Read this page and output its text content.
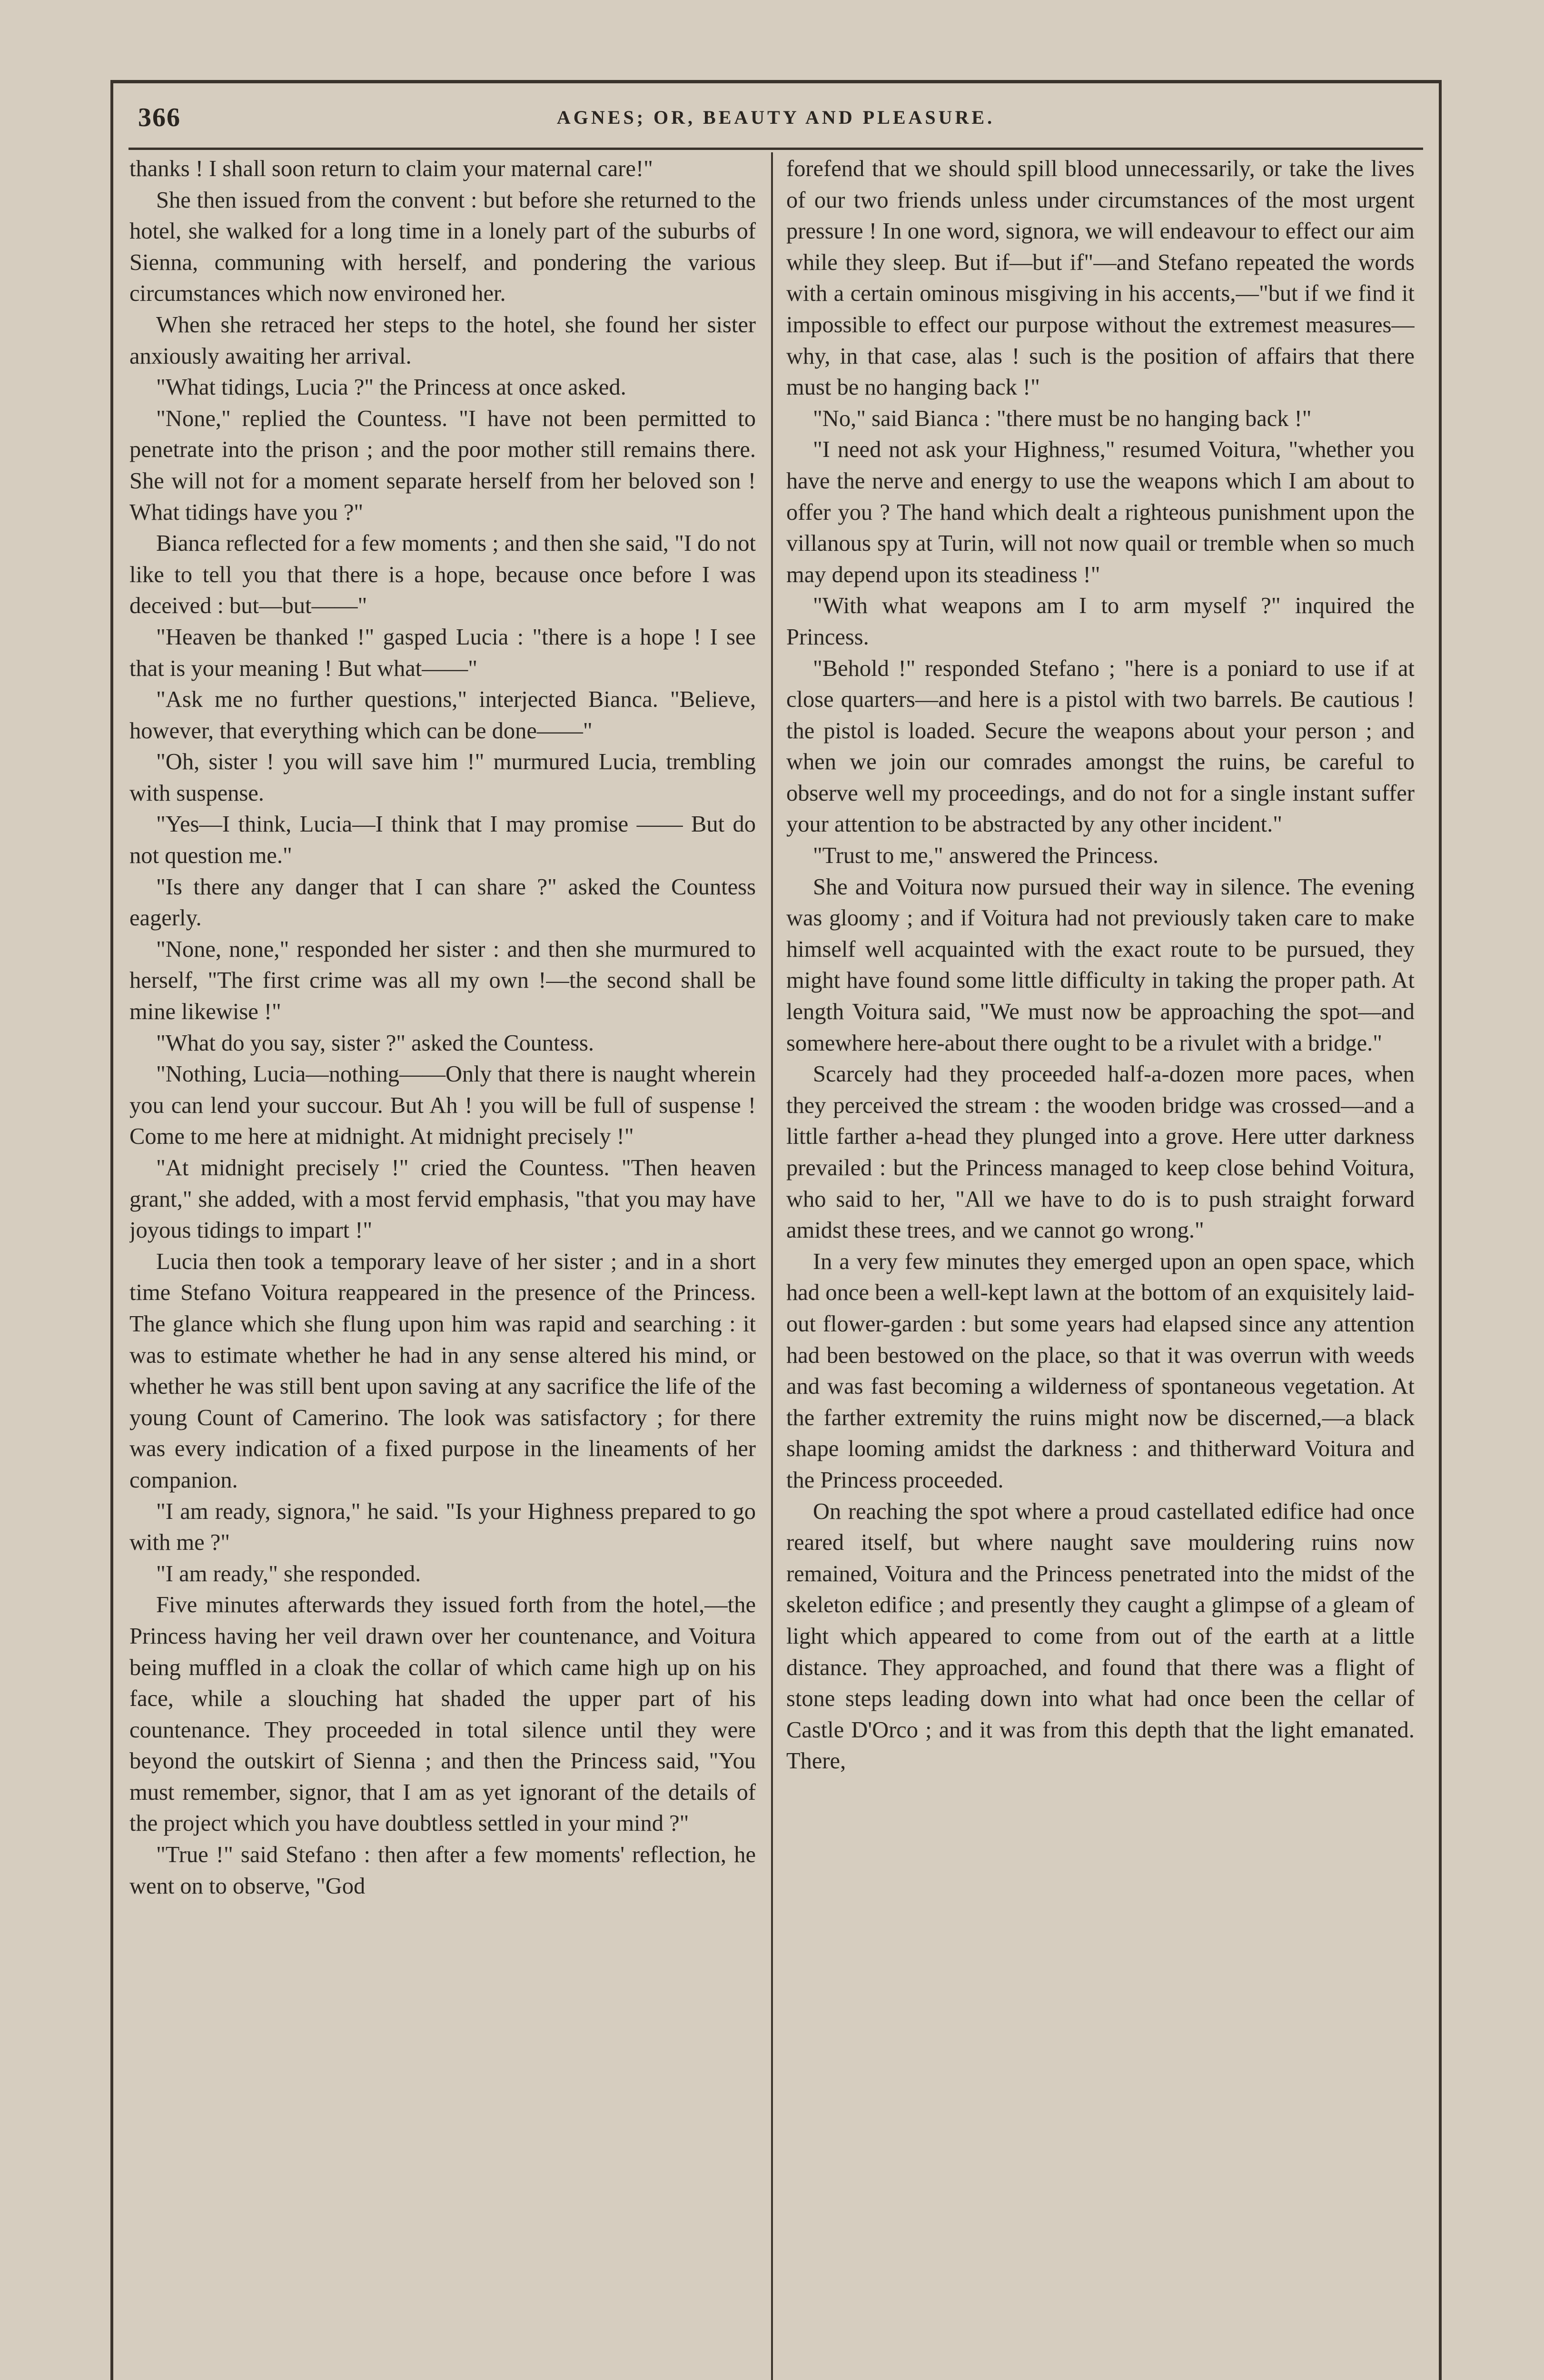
366	AGNES; OR, BEAUTY AND PLEASURE.

thanks ! I shall soon return to claim your maternal care!"

She then issued from the convent : but before she returned to the hotel, she walked for a long time in a lonely part of the suburbs of Sienna, communing with herself, and pondering the various circumstances which now environed her.

When she retraced her steps to the hotel, she found her sister anxiously awaiting her arrival.

"What tidings, Lucia ?" the Princess at once asked.

"None," replied the Countess. "I have not been permitted to penetrate into the prison ; and the poor mother still remains there. She will not for a moment separate herself from her beloved son ! What tidings have you ?"

Bianca reflected for a few moments ; and then she said, "I do not like to tell you that there is a hope, because once before I was deceived : but—but——"

"Heaven be thanked !" gasped Lucia : "there is a hope ! I see that is your meaning ! But what——"

"Ask me no further questions," interjected Bianca. "Believe, however, that everything which can be done——"

"Oh, sister ! you will save him !" murmured Lucia, trembling with suspense.

"Yes—I think, Lucia—I think that I may promise —— But do not question me."

"Is there any danger that I can share ?" asked the Countess eagerly.

"None, none," responded her sister : and then she murmured to herself, "The first crime was all my own !—the second shall be mine likewise !"

"What do you say, sister ?" asked the Countess.

"Nothing, Lucia—nothing——Only that there is naught wherein you can lend your succour. But Ah ! you will be full of suspense ! Come to me here at midnight. At midnight precisely !"

"At midnight precisely !" cried the Countess. "Then heaven grant," she added, with a most fervid emphasis, "that you may have joyous tidings to impart !"

Lucia then took a temporary leave of her sister ; and in a short time Stefano Voitura reappeared in the presence of the Princess. The glance which she flung upon him was rapid and searching : it was to estimate whether he had in any sense altered his mind, or whether he was still bent upon saving at any sacrifice the life of the young Count of Camerino. The look was satisfactory ; for there was every indication of a fixed purpose in the lineaments of her companion.

"I am ready, signora," he said. "Is your Highness prepared to go with me ?"

"I am ready," she responded.

Five minutes afterwards they issued forth from the hotel,—the Princess having her veil drawn over her countenance, and Voitura being muffled in a cloak the collar of which came high up on his face, while a slouching hat shaded the upper part of his countenance. They proceeded in total silence until they were beyond the outskirt of Sienna ; and then the Princess said, "You must remember, signor, that I am as yet ignorant of the details of the project which you have doubtless settled in your mind ?"

"True !" said Stefano : then after a few moments' reflection, he went on to observe, "God

forefend that we should spill blood unnecessarily, or take the lives of our two friends unless under circumstances of the most urgent pressure ! In one word, signora, we will endeavour to effect our aim while they sleep. But if—but if"—and Stefano repeated the words with a certain ominous misgiving in his accents,—"but if we find it impossible to effect our purpose without the extremest measures—why, in that case, alas ! such is the position of affairs that there must be no hanging back !"

"No," said Bianca : "there must be no hanging back !"

"I need not ask your Highness," resumed Voitura, "whether you have the nerve and energy to use the weapons which I am about to offer you ? The hand which dealt a righteous punishment upon the villanous spy at Turin, will not now quail or tremble when so much may depend upon its steadiness !"

"With what weapons am I to arm myself ?" inquired the Princess.

"Behold !" responded Stefano ; "here is a poniard to use if at close quarters—and here is a pistol with two barrels. Be cautious ! the pistol is loaded. Secure the weapons about your person ; and when we join our comrades amongst the ruins, be careful to observe well my proceedings, and do not for a single instant suffer your attention to be abstracted by any other incident."

"Trust to me," answered the Princess.

She and Voitura now pursued their way in silence. The evening was gloomy ; and if Voitura had not previously taken care to make himself well acquainted with the exact route to be pursued, they might have found some little difficulty in taking the proper path. At length Voitura said, "We must now be approaching the spot—and somewhere here-about there ought to be a rivulet with a bridge."

Scarcely had they proceeded half-a-dozen more paces, when they perceived the stream : the wooden bridge was crossed—and a little farther a-head they plunged into a grove. Here utter darkness prevailed : but the Princess managed to keep close behind Voitura, who said to her, "All we have to do is to push straight forward amidst these trees, and we cannot go wrong."

In a very few minutes they emerged upon an open space, which had once been a well-kept lawn at the bottom of an exquisitely laid-out flower-garden : but some years had elapsed since any attention had been bestowed on the place, so that it was overrun with weeds and was fast becoming a wilderness of spontaneous vegetation. At the farther extremity the ruins might now be discerned,—a black shape looming amidst the darkness : and thitherward Voitura and the Princess proceeded.

On reaching the spot where a proud castellated edifice had once reared itself, but where naught save mouldering ruins now remained, Voitura and the Princess penetrated into the midst of the skeleton edifice ; and presently they caught a glimpse of a gleam of light which appeared to come from out of the earth at a little distance. They approached, and found that there was a flight of stone steps leading down into what had once been the cellar of Castle D'Orco ; and it was from this depth that the light emanated. There,
